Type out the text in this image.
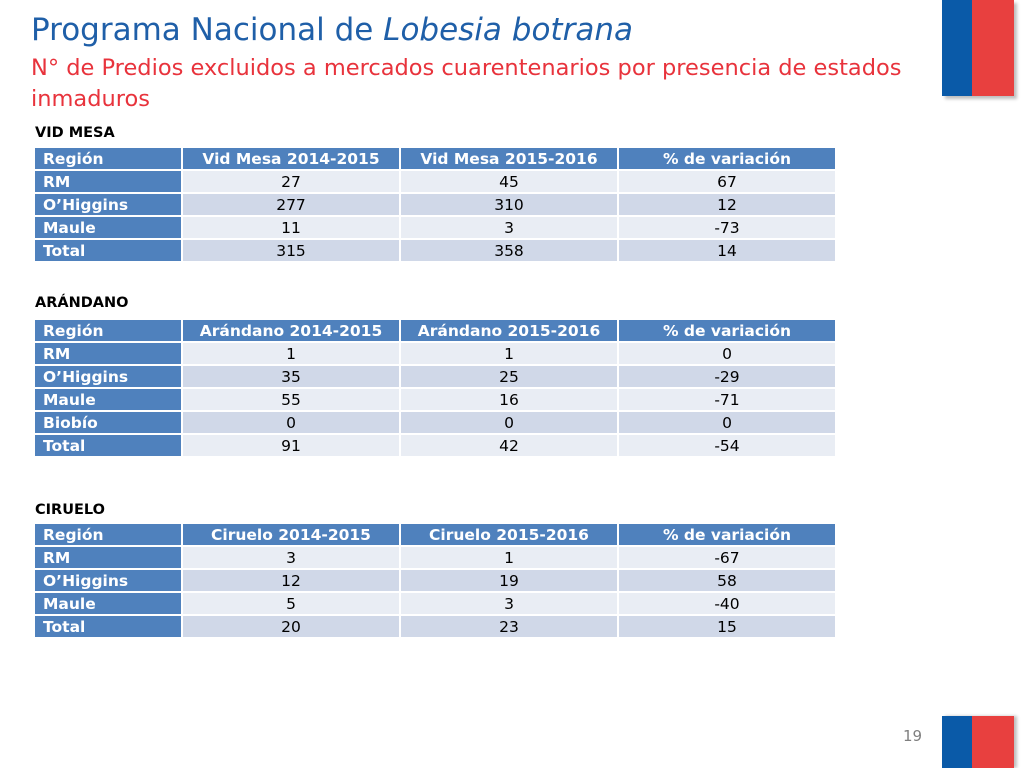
Programa Nacional de Lobesia botrana

N° de Predios excluidos a mercados cuarentenarios por presencia de estados inmaduros

VID MESA

Región	Vid Mesa 2014-2015	Vid Mesa 2015-2016	% de variación
RM	27	45	67
O’Higgins	277	310	12
Maule	11	3	-73
Total	315	358	14

ARÁNDANO

Región	Arándano 2014-2015	Arándano 2015-2016	% de variación
RM	1	1	0
O’Higgins	35	25	-29
Maule	55	16	-71
Biobío	0	0	0
Total	91	42	-54

CIRUELO

Región	Ciruelo 2014-2015	Ciruelo 2015-2016	% de variación
RM	3	1	-67
O’Higgins	12	19	58
Maule	5	3	-40
Total	20	23	15
19
